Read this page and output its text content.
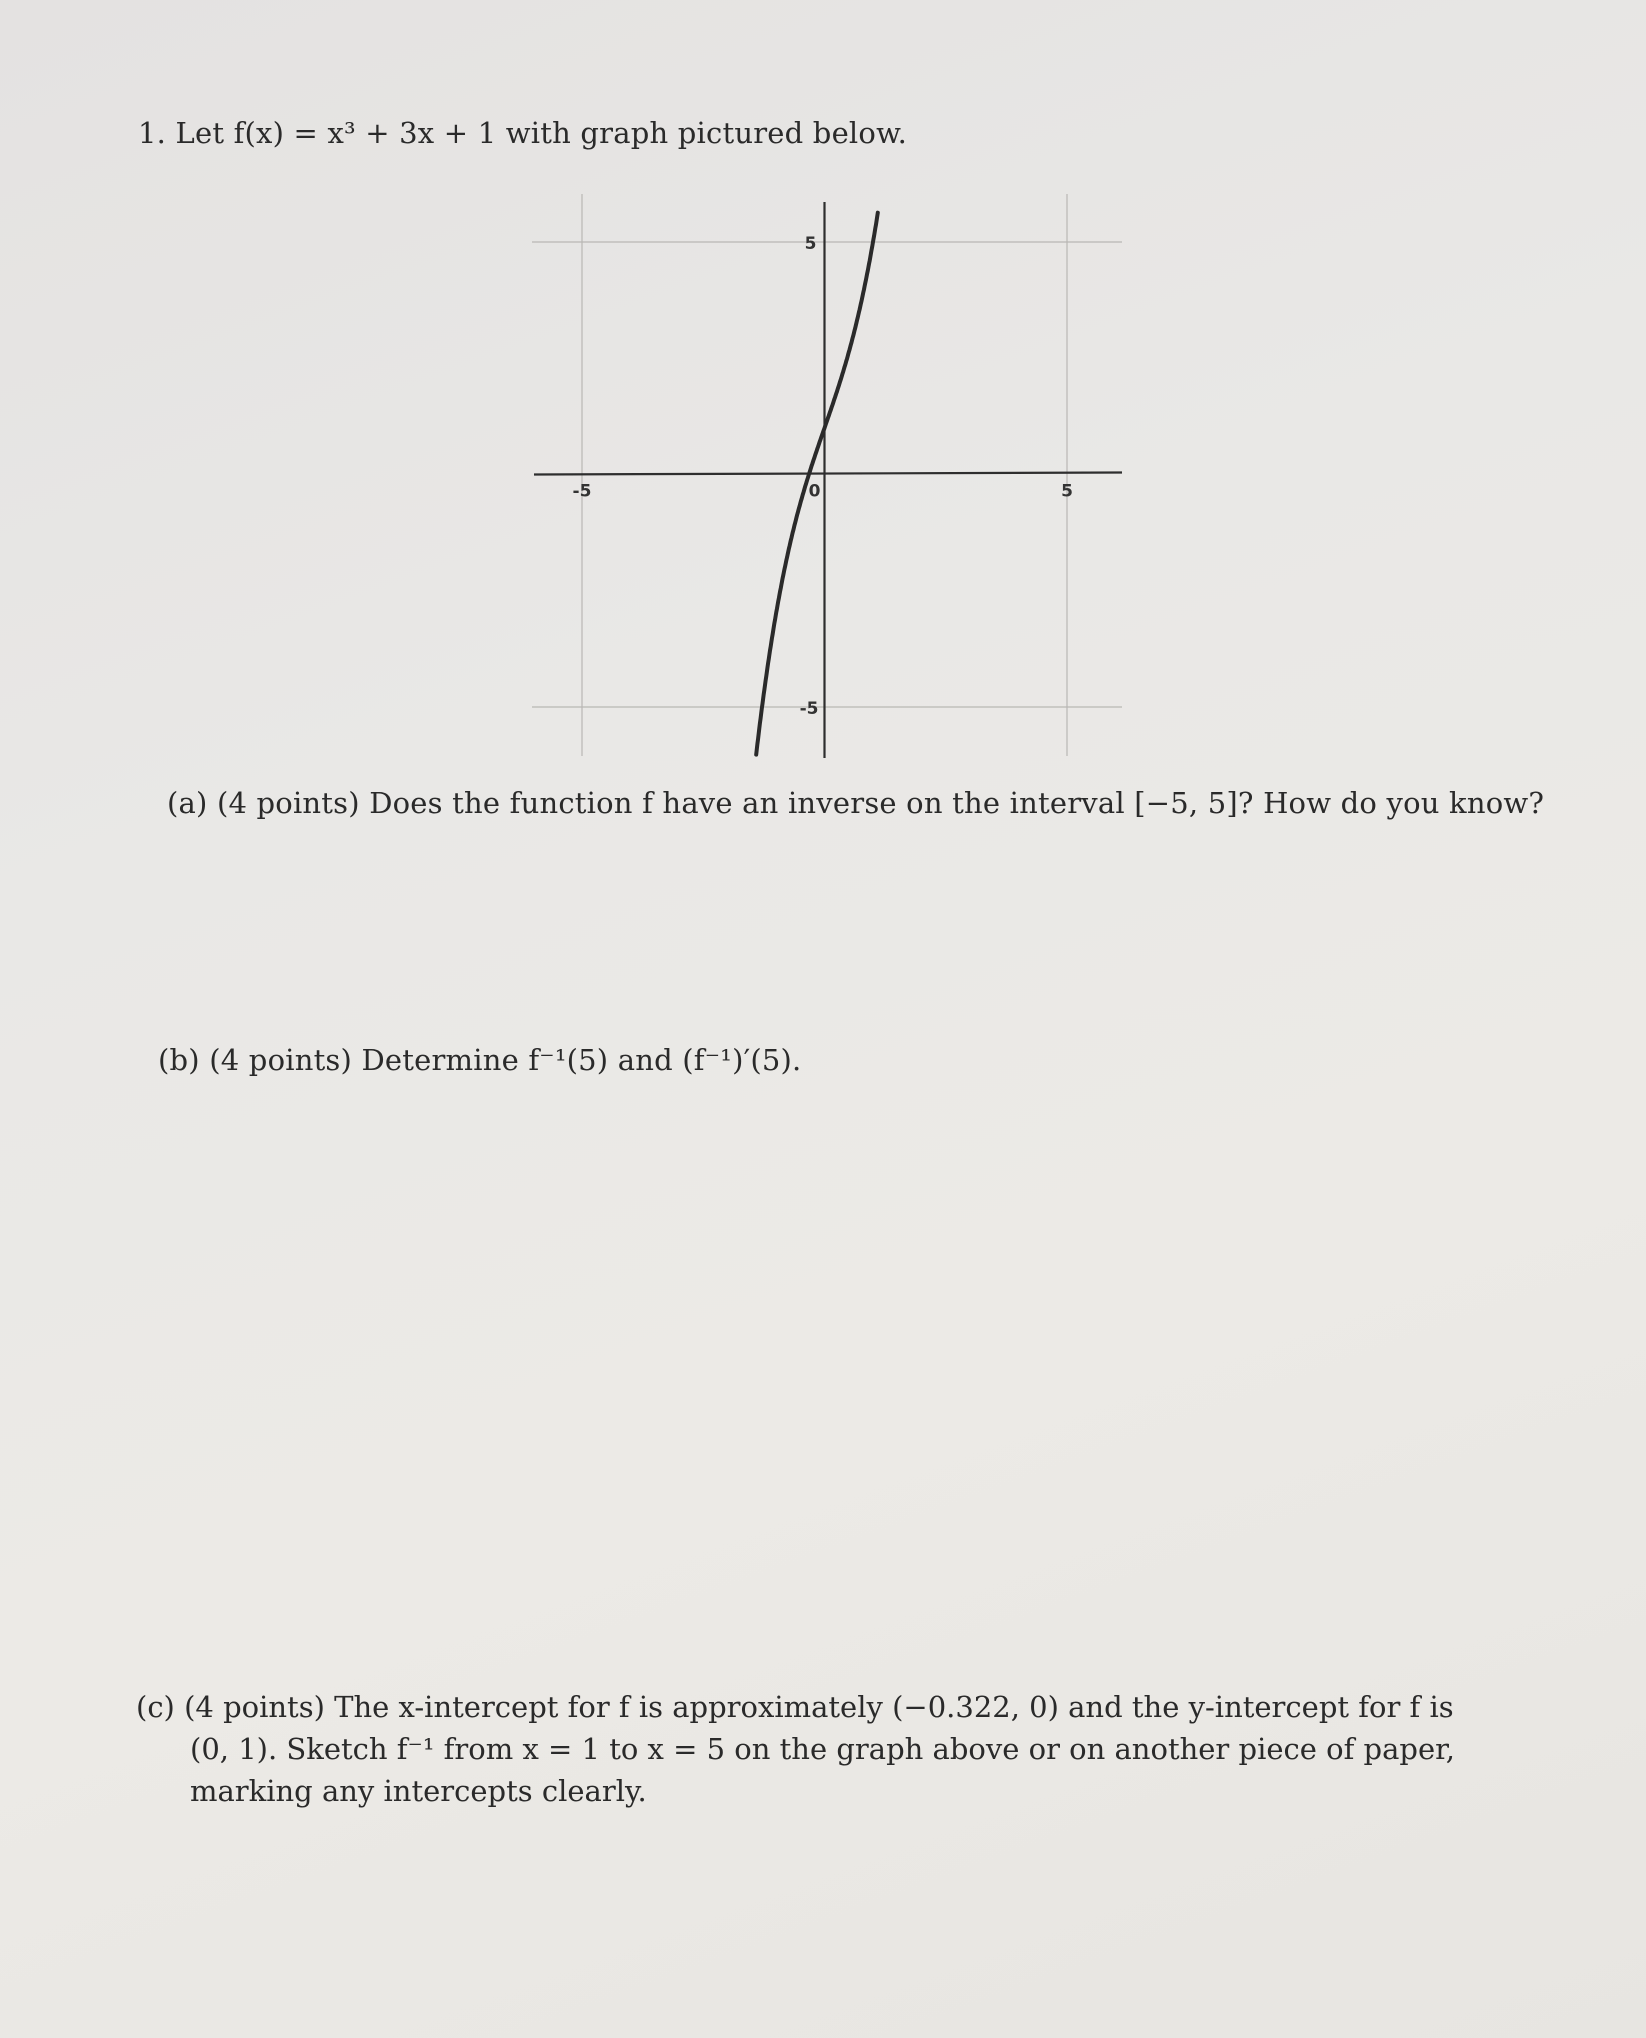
1. Let f(x) = x³ + 3x + 1 with graph pictured below.
-5	0	5
5
-5
(a) (4 points) Does the function f have an inverse on the interval [−5, 5]? How do you know?
(b) (4 points) Determine f⁻¹(5) and (f⁻¹)′(5).
(c) (4 points) The x-intercept for f is approximately (−0.322, 0) and the y-intercept for f is
(0, 1). Sketch f⁻¹ from x = 1 to x = 5 on the graph above or on another piece of paper,
marking any intercepts clearly.
